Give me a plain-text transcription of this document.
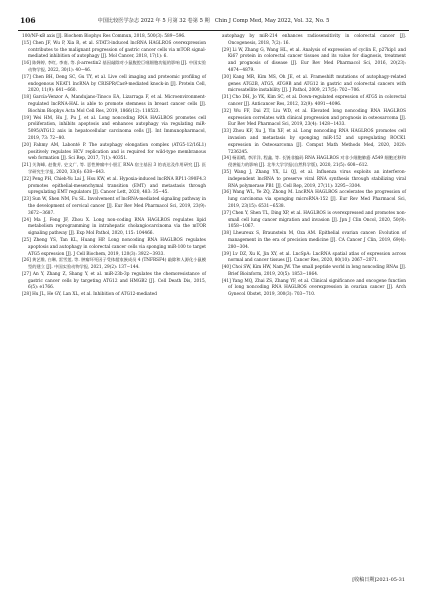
106	中国比较医学杂志 2022 年 5 月第 32 卷第 5 期　Chin J Comp Med, May 2022, Vol. 32, No. 5

100/NF-κB axis [J]. Biochem Biophys Res Commun, 2018, 500(3): 589−596.

[15] Chen JF, Wu P, Xia R, et al. STAT3-induced lncRNA HAGLROS overexpression contributes to the malignant progression of gastric cancer cells via mTOR signal-mediated inhibition of autophagy [J]. Mol Cancer, 2018, 17(1): 6.

[16] 陈婵婷, 李红, 李南, 等. β-arrestin2 基因敲除对小鼠腹腔巨噬细胞功能的影响 [J]. 中国实验动物学报, 2022, 30(1): 40−46.

[17] Chen BH, Deng SC, Gu TY, et al. Live cell imaging and proteomic profiling of endogenous NEAT1 lncRNA by CRISPR/Cas9-mediated knock-in [J]. Protein Cell, 2020, 11(9): 641−660.

[18] García-Venzor A, Mandujano-Tinoco EA, Lizarraga F, et al. Microenvironment-regulated lncRNA-HAL is able to promote stemness in breast cancer cells [J]. Biochim Biophys Acta Mol Cell Res, 2019, 1866(12): 118523.

[19] Wei HM, Hu J, Pu J, et al. Long noncoding RNA HAGLROS promotes cell proliferation, inhibits apoptosis and enhances autophagy via regulating miR-5095/ATG12 axis in hepatocellular carcinoma cells [J]. Int Immunopharmacol, 2019, 73: 72−80.

[20] Fahmy AM, Labonté P. The autophagy elongation complex (ATG5-12/16L1) positively regulates HCV replication and is required for wild-type membranous web formation [J]. Sci Rep, 2017, 7(1): 40351.

[21] 关海峰, 赵俊芳, 史文广, 等. 恶性肿瘤中小胆汇 RNA 宿主基因 3 的表达及作用研究 [J]. 医学研究生学报, 2020, 33(6): 638−643.

[22] Peng PH, Chieh-Yu Lai J, Hsu KW, et al. Hypoxia-induced lncRNA RP11-390F4.3 promotes epithelial-mesenchymal transition (EMT) and metastasis through upregulating EMT regulators [J]. Cancer Lett, 2020, 483: 35−45.

[23] Sun W, Shen NM, Fu SL. Involvement of lncRNA-mediated signaling pathway in the development of cervical cancer [J]. Eur Rev Med Pharmacol Sci, 2019, 23(9): 3672−3687.

[24] Ma J, Feng JF, Zhou X. Long non-coding RNA HAGLROS regulates lipid metabolism reprogramming in intrahepatic cholangiocarcinoma via the mTOR signaling pathway [J]. Exp Mol Pathol, 2020, 115: 104466.

[25] Zheng YS, Tan KL, Huang HP. Long noncoding RNA HAGLROS regulates apoptosis and autophagy in colorectal cancer cells via sponging miR-100 to target ATG5 expression [J]. J Cell Biochem, 2019, 120(3): 3922−3933.

[26] 黄艺维, 白琳, 雷雪莲, 等. 肿瘤坏死因子受体超家族成员 4 (TNFRSF4) 敲除和人源化小鼠模型的建立 [J]. 中国实验动物学报, 2021, 29(2): 137−144.

[27] An Y, Zhang Z, Shang Y, et al. miR-23b-3p regulates the chemoresistance of gastric cancer cells by targeting ATG12 and HMGB2 [J]. Cell Death Dis, 2015, 6(5): e1766.

[28] Hu JL, He GY, Lan XL, et al. Inhibition of ATG12-mediated

autophagy by miR-214 enhances radiosensitivity in colorectal cancer [J]. Oncogenesis, 2018, 7(2): 16.

[29] Li W, Zhang G, Wang HL, et al. Analysis of expression of cyclin E, p27kip1 and Ki67 protein in colorectal cancer tissues and its value for diagnosis, treatment and prognosis of disease [J]. Eur Rev Med Pharmacol Sci, 2016, 20(23): 4874−4879.

[30] Kang MR, Kim MS, Oh JE, et al. Frameshift mutations of autophagy-related genes ATG2B, ATG5, ATG9B and ATG12 in gastric and colorectal cancers with microsatellite instability [J]. J Pathol, 2009, 217(5): 702−706.

[31] Cho DH, Jo YK, Kim SC, et al. Down-regulated expression of ATG5 in colorectal cancer [J]. Anticancer Res, 2012, 32(9): 4091−4096.

[32] Wu FF, Dai ZT, Liu WD, et al. Elevated long noncoding RNA HAGLROS expression correlates with clinical progression and prognosis in osteosarcoma [J]. Eur Rev Med Pharmacol Sci, 2019, 23(4): 1428−1433.

[33] Zhou KF, Xu J, Yin XF, et al. Long noncoding RNA HAGLROS promotes cell invasion and metastasis by sponging miR-152 and upregulating ROCK1 expression in Osteosarcoma [J]. Comput Math Methods Med, 2020, 2020: 7236245.

[34] 杨雨晴, 李洋洋, 程鑫, 等. 长链非编码 RNA HAGLROS 对非小细胞肺癌 A549 细胞迁移和侵袭能力的影响 [J]. 北华大学学报(自然科学版), 2020, 21(5): 608−612.

[35] Wang J, Zhang YX, Li QJ, et al. Influenza virus exploits an interferon-independent lncRNA to preserve viral RNA synthesis through stabilizing viral RNA polymerase PB1 [J]. Cell Rep, 2019, 27(11): 3295−3304.

[36] Wang WL, Ye ZQ, Zhong M. LncRNA HAGLROS accelerates the progression of lung carcinoma via sponging microRNA-152 [J]. Eur Rev Med Pharmacol Sci, 2019, 23(15): 6531−6538.

[37] Chen Y, Shen TL, Ding XP, et al. HAGLROS is overexpressed and promotes non-small cell lung cancer migration and invasion [J]. Jpn J Clin Oncol, 2020, 50(9): 1058−1067.

[38] Lheureux S, Braunstein M, Oza AM. Epithelial ovarian cancer: Evolution of management in the era of precision medicine [J]. CA Cancer J Clin, 2019, 69(4): 280−304.

[39] Lv DZ, Xu K, Jin XY, et al. LncSpA: LncRNA spatial atlas of expression across normal and cancer tissues [J]. Cancer Res, 2020, 80(10): 2067−2071.

[40] Choi SW, Kim HW, Nam JW. The small peptide world in long noncoding RNAs [J]. Brief Bioinform, 2019, 20(5): 1853−1864.

[41] Yang MQ, Zhai ZS, Zhang YF, et al. Clinical significance and oncogene function of long noncoding RNA HAGLROS overexpression in ovarian cancer [J]. Arch Gynecol Obstet, 2019, 300(3): 703−710.

[收稿日期]2021-05-31
